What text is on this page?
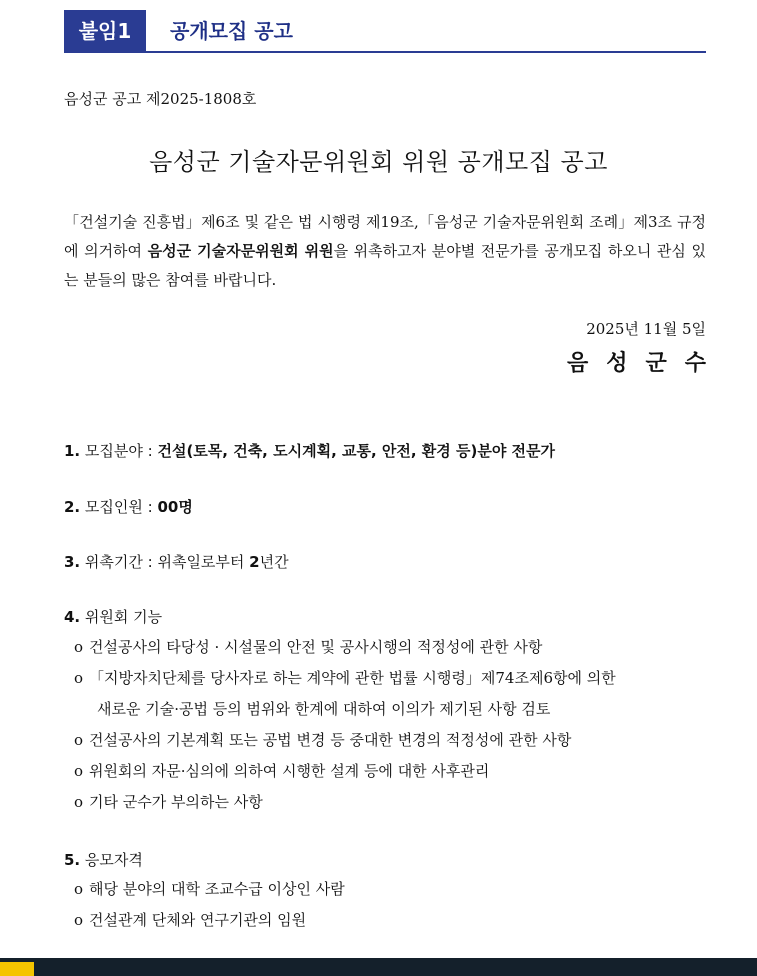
붙임1	공개모집 공고
음성군 공고 제2025-1808호
음성군 기술자문위원회 위원 공개모집 공고
「건설기술 진흥법」제6조 및 같은 법 시행령 제19조,「음성군 기술자문위원회 조례」제3조 규정에 의거하여 음성군 기술자문위원회 위원을 위촉하고자 분야별 전문가를 공개모집 하오니 관심 있는 분들의 많은 참여를 바랍니다.
2025년 11월 5일
음성군수
1. 모집분야 : 건설(토목, 건축, 도시계획, 교통, 안전, 환경 등)분야 전문가
2. 모집인원 : 00명
3. 위촉기간 : 위촉일로부터 2년간
4. 위원회 기능
o 건설공사의 타당성 · 시설물의 안전 및 공사시행의 적정성에 관한 사항
o 「지방자치단체를 당사자로 하는 계약에 관한 법률 시행령」제74조제6항에 의한
새로운 기술·공법 등의 범위와 한계에 대하여 이의가 제기된 사항 검토
o 건설공사의 기본계획 또는 공법 변경 등 중대한 변경의 적정성에 관한 사항
o 위원회의 자문·심의에 의하여 시행한 설계 등에 대한 사후관리
o 기타 군수가 부의하는 사항
5. 응모자격
o 해당 분야의 대학 조교수급 이상인 사람
o 건설관계 단체와 연구기관의 임원
